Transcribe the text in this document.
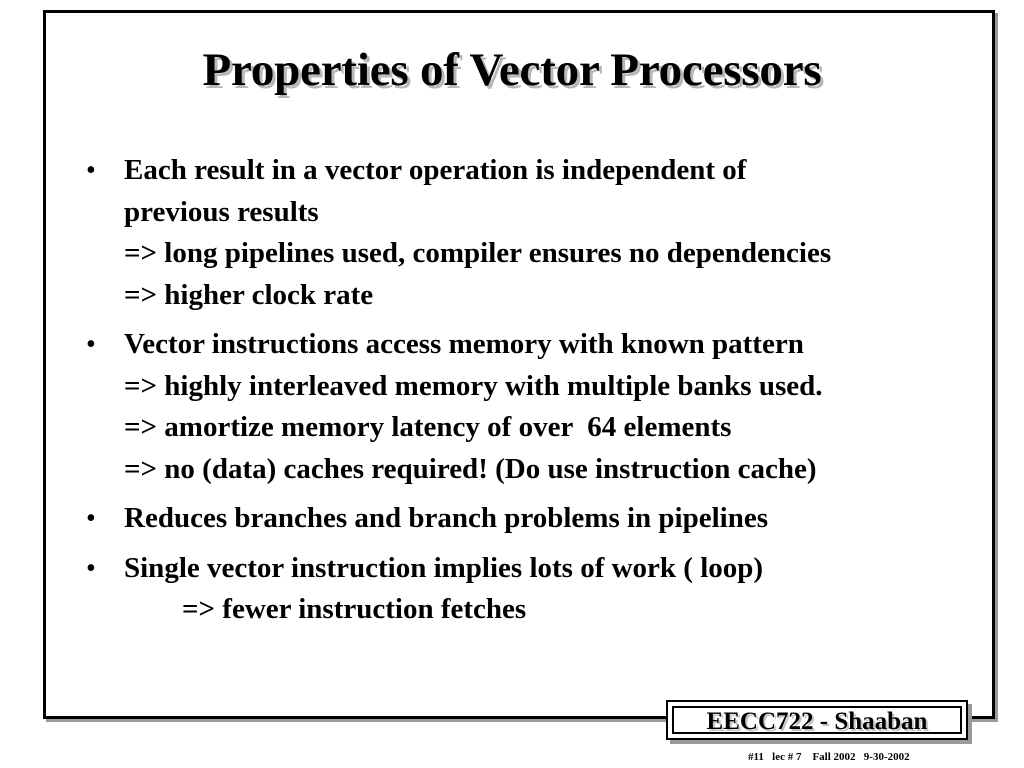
Properties of Vector Processors
• Each result in a vector operation is independent of
previous results
=> long pipelines used, compiler ensures no dependencies
=> higher clock rate
• Vector instructions access memory with known pattern
=> highly interleaved memory with multiple banks used.
=> amortize memory latency of over  64 elements
=> no (data) caches required! (Do use instruction cache)
• Reduces branches and branch problems in pipelines
• Single vector instruction implies lots of work ( loop)
=> fewer instruction fetches
EECC722 - Shaaban
#11   lec # 7    Fall 2002   9-30-2002
